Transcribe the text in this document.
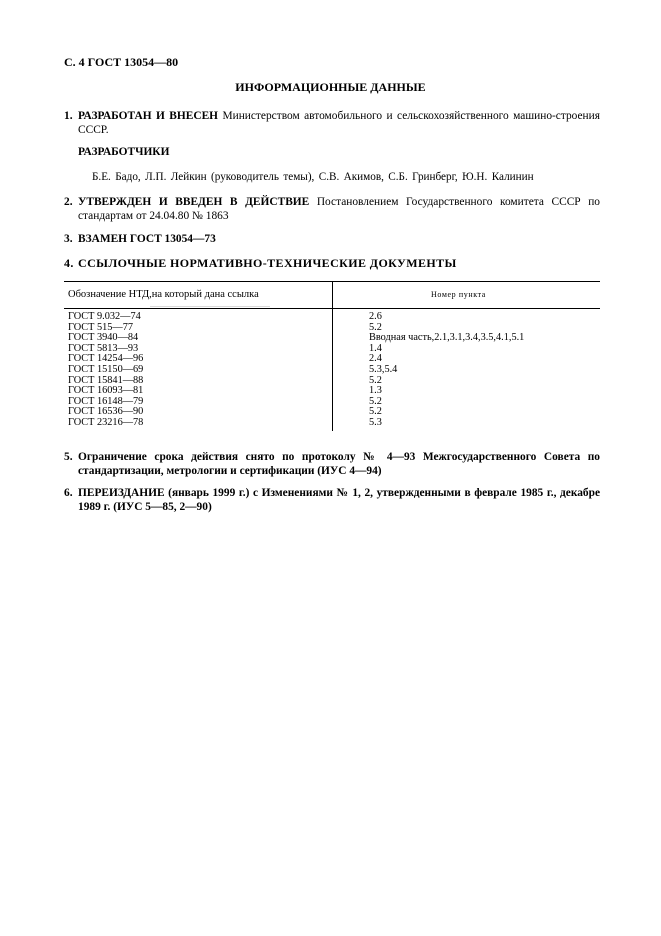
С. 4 ГОСТ 13054—80
ИНФОРМАЦИОННЫЕ ДАННЫЕ
1. РАЗРАБОТАН И ВНЕСЕН Министерством автомобильного и сельскохозяйственного машино-строения СССР.
РАЗРАБОТЧИКИ
Б.Е. Бадо, Л.П. Лейкин (руководитель темы), С.В. Акимов, С.Б. Гринберг, Ю.Н. Калинин
2. УТВЕРЖДЕН И ВВЕДЕН В ДЕЙСТВИЕ Постановлением Государственного комитета СССР по стандартам от 24.04.80 № 1863
3. ВЗАМЕН ГОСТ 13054—73
4. ССЫЛОЧНЫЕ НОРМАТИВНО-ТЕХНИЧЕСКИЕ ДОКУМЕНТЫ
Обозначение НТД,на который дана ссылка	Номер пункта
ГОСТ 9.032—74	2.6
ГОСТ 515—77	5.2
ГОСТ 3940—84	Вводная часть,2.1,3.1,3.4,3.5,4.1,5.1
ГОСТ 5813—93	1.4
ГОСТ 14254—96	2.4
ГОСТ 15150—69	5.3,5.4
ГОСТ 15841—88	5.2
ГОСТ 16093—81	1.3
ГОСТ 16148—79	5.2
ГОСТ 16536—90	5.2
ГОСТ 23216—78	5.3
5. Ограничение срока действия снято по протоколу № 4—93 Межгосударственного Совета по стандартизации, метрологии и сертификации (ИУС 4—94)
6. ПЕРЕИЗДАНИЕ (январь 1999 г.) с Изменениями № 1, 2, утвержденными в феврале 1985 г., декабре 1989 г. (ИУС 5—85, 2—90)
